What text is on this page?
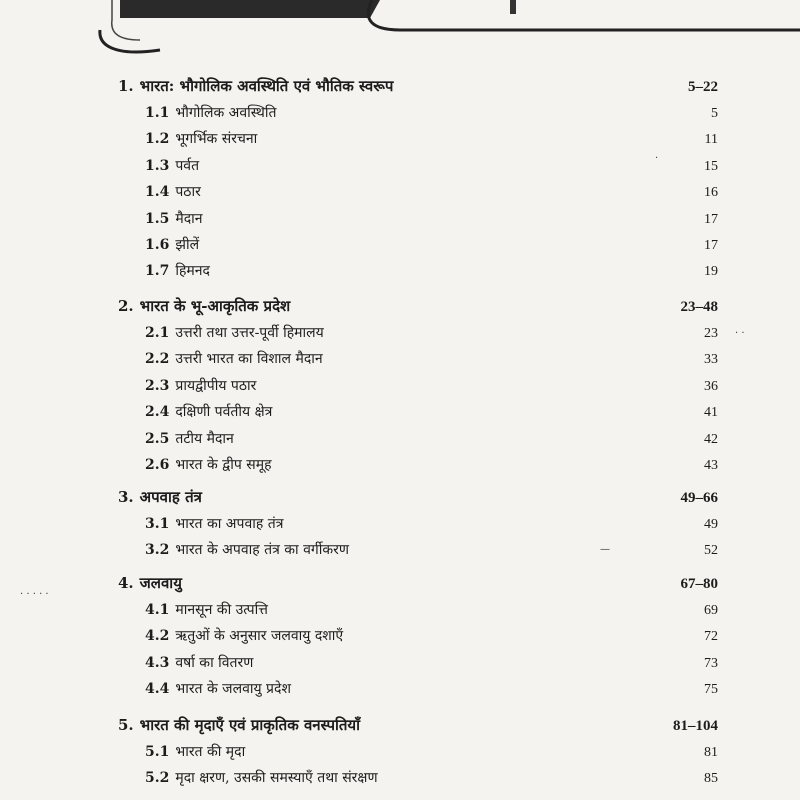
. . . . .
—
.
. .
1. भारत: भौगोलिक अवस्थिति एवं भौतिक स्वरूप	5–22
1.1 भौगोलिक अवस्थिति	5
1.2 भूगर्भिक संरचना	11
1.3 पर्वत	15
1.4 पठार	16
1.5 मैदान	17
1.6 झीलें	17
1.7 हिमनद	19
2. भारत के भू-आकृतिक प्रदेश	23–48
2.1 उत्तरी तथा उत्तर-पूर्वी हिमालय	23
2.2 उत्तरी भारत का विशाल मैदान	33
2.3 प्रायद्वीपीय पठार	36
2.4 दक्षिणी पर्वतीय क्षेत्र	41
2.5 तटीय मैदान	42
2.6 भारत के द्वीप समूह	43
3. अपवाह तंत्र	49–66
3.1 भारत का अपवाह तंत्र	49
3.2 भारत के अपवाह तंत्र का वर्गीकरण	52
4. जलवायु	67–80
4.1 मानसून की उत्पत्ति	69
4.2 ऋतुओं के अनुसार जलवायु दशाएँ	72
4.3 वर्षा का वितरण	73
4.4 भारत के जलवायु प्रदेश	75
5. भारत की मृदाएँ एवं प्राकृतिक वनस्पतियाँ	81–104
5.1 भारत की मृदा	81
5.2 मृदा क्षरण, उसकी समस्याएँ तथा संरक्षण	85
